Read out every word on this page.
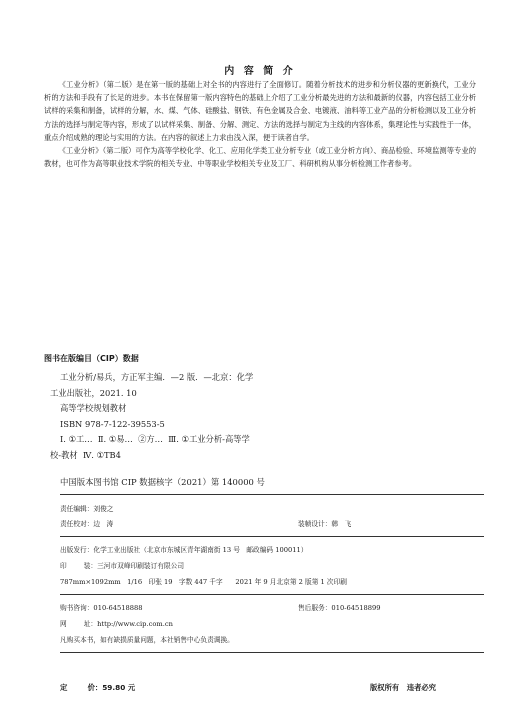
内 容 简 介

《工业分析》（第二版）是在第一版的基础上对全书的内容进行了全面修订。随着分析技术的进步和分析仪器的更新换代，工业分析的方法和手段有了长足的进步。本书在保留第一版内容特色的基础上介绍了工业分析最先进的方法和最新的仪器，内容包括工业分析试样的采集和制备，试样的分解，水、煤、气体、硅酸盐、钢铁、有色金属及合金、电镀液、油料等工业产品的分析检测以及工业分析方法的选择与制定等内容，形成了以试样采集、制备、分解、测定、方法的选择与制定为主线的内容体系，集理论性与实践性于一体，重点介绍成熟的理论与实用的方法。在内容的叙述上力求由浅入深，便于读者自学。

《工业分析》（第二版）可作为高等学校化学、化工、应用化学类工业分析专业（或工业分析方向）、商品检验、环境监测等专业的教材，也可作为高等职业技术学院的相关专业、中等职业学校相关专业及工厂、科研机构从事分析检测工作者参考。

图书在版编目（CIP）数据
工业分析/易兵，方正军主编．—2 版．—北京：化学
工业出版社，2021. 10
高等学校规划教材
ISBN 978-7-122-39553-5
Ⅰ. ①工…  Ⅱ. ①易…  ②方…  Ⅲ. ①工业分析-高等学
校-教材  Ⅳ. ①TB4
中国版本图书馆 CIP 数据核字（2021）第 140000 号
责任编辑：刘俊之
责任校对：边   涛	装帧设计：韩   飞
出版发行：化学工业出版社（北京市东城区青年湖南街 13 号   邮政编码 100011）
印        装：三河市双峰印刷装订有限公司
787mm×1092mm   1/16   印张 19   字数 447 千字      2021 年 9 月北京第 2 版第 1 次印刷
购书咨询：010-64518888	售后服务：010-64518899
网        址：http://www.cip.com.cn
凡购买本书，如有缺损质量问题，本社销售中心负责调换。
定        价：59.80 元	版权所有   违者必究
